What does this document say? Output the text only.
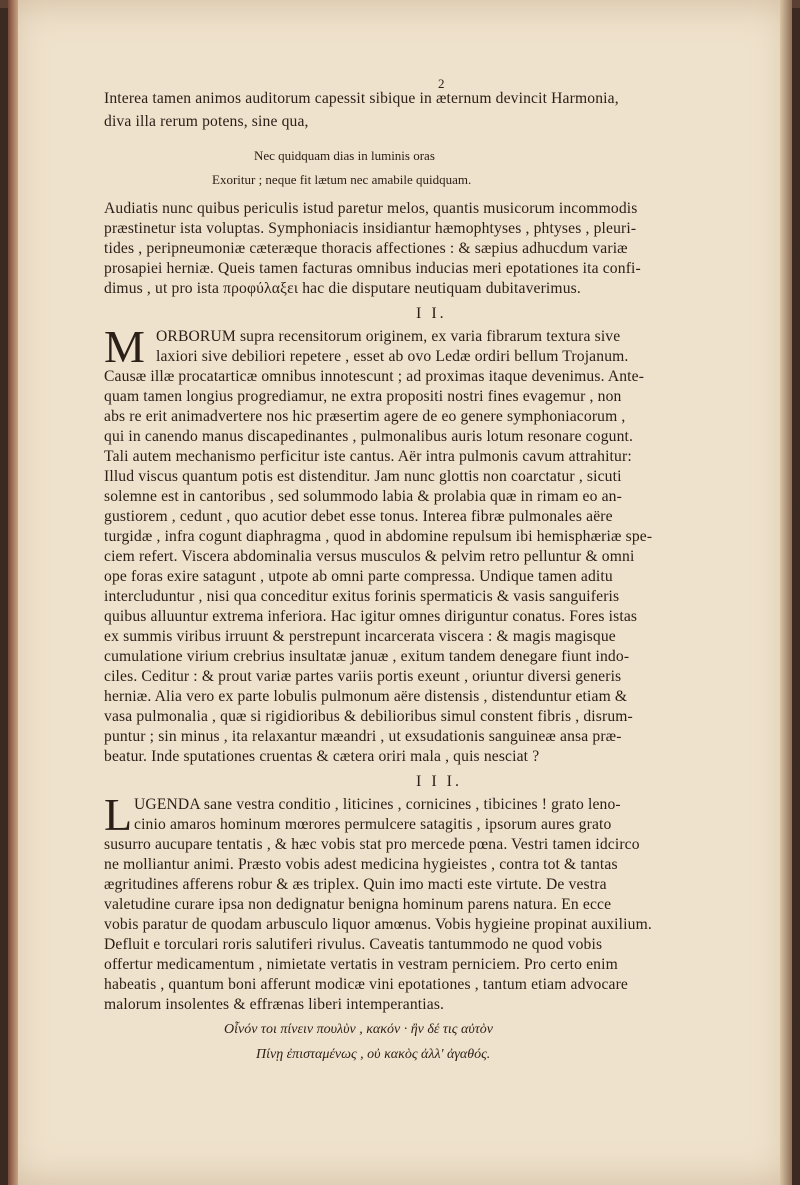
2
Interea tamen animos auditorum capessit sibique in æternum devincit Harmonia,
diva illa rerum potens, sine qua,
Nec quidquam dias in luminis oras
Exoritur ; neque fit lætum nec amabile quidquam.
Audiatis nunc quibus periculis istud paretur melos, quantis musicorum incommodis
præstinetur ista voluptas. Symphoniacis insidiantur hæmophtyses , phtyses , pleuri-
tides , peripneumoniæ cæteræque thoracis affectiones : & sæpius adhucdum variæ
prosapiei herniæ. Queis tamen facturas omnibus inducias meri epotationes ita confi-
dimus , ut pro ista προφύλαξει hac die disputare neutiquam dubitaverimus.
I I.
M ORBORUM supra recensitorum originem, ex varia fibrarum textura sive
laxiori sive debiliori repetere , esset ab ovo Ledæ ordiri bellum Trojanum.
Causæ illæ procatarticæ omnibus innotescunt ; ad proximas itaque devenimus. Ante-
quam tamen longius progrediamur, ne extra propositi nostri fines evagemur , non
abs re erit animadvertere nos hic præsertim agere de eo genere symphoniacorum ,
qui in canendo manus discapedinantes , pulmonalibus auris lotum resonare cogunt.
Tali autem mechanismo perficitur iste cantus. Aër intra pulmonis cavum attrahitur:
Illud viscus quantum potis est distenditur. Jam nunc glottis non coarctatur , sicuti
solemne est in cantoribus , sed solummodo labia & prolabia quæ in rimam eo an-
gustiorem , cedunt , quo acutior debet esse tonus. Interea fibræ pulmonales aëre
turgidæ , infra cogunt diaphragma , quod in abdomine repulsum ibi hemisphæriæ spe-
ciem refert. Viscera abdominalia versus musculos & pelvim retro pelluntur & omni
ope foras exire satagunt , utpote ab omni parte compressa. Undique tamen aditu
intercluduntur , nisi qua conceditur exitus forinis spermaticis & vasis sanguiferis
quibus alluuntur extrema inferiora. Hac igitur omnes diriguntur conatus. Fores istas
ex summis viribus irruunt & perstrepunt incarcerata viscera : & magis magisque
cumulatione virium crebrius insultatæ januæ , exitum tandem denegare fiunt indo-
ciles. Ceditur : & prout variæ partes variis portis exeunt , oriuntur diversi generis
herniæ. Alia vero ex parte lobulis pulmonum aëre distensis , distenduntur etiam &
vasa pulmonalia , quæ si rigidioribus & debilioribus simul constent fibris , disrum-
puntur ; sin minus , ita relaxantur mæandri , ut exsudationis sanguineæ ansa præ-
beatur. Inde sputationes cruentas & cætera oriri mala , quis nesciat ?
I I I.
L UGENDA sane vestra conditio , liticines , cornicines , tibicines ! grato leno-
cinio amaros hominum mœrores permulcere satagitis , ipsorum aures grato
susurro aucupare tentatis , & hæc vobis stat pro mercede pœna. Vestri tamen idcirco
ne molliantur animi. Præsto vobis adest medicina hygieistes , contra tot & tantas
ægritudines afferens robur & æs triplex. Quin imo macti este virtute. De vestra
valetudine curare ipsa non dedignatur benigna hominum parens natura. En ecce
vobis paratur de quodam arbusculo liquor amœnus. Vobis hygieine propinat auxilium.
Defluit e torculari roris salutiferi rivulus. Caveatis tantummodo ne quod vobis
offertur medicamentum , nimietate vertatis in vestram perniciem. Pro certo enim
habeatis , quantum boni afferunt modicæ vini epotationes , tantum etiam advocare
malorum insolentes & effrænas liberi intemperantias.
Οἶνόν τοι πίνειν πουλὺν , κακόν · ἢν δέ τις αὐτὸν
Πίνῃ ἐπισταμένως , οὐ κακὸς ἀλλ' ἀγαθός.
